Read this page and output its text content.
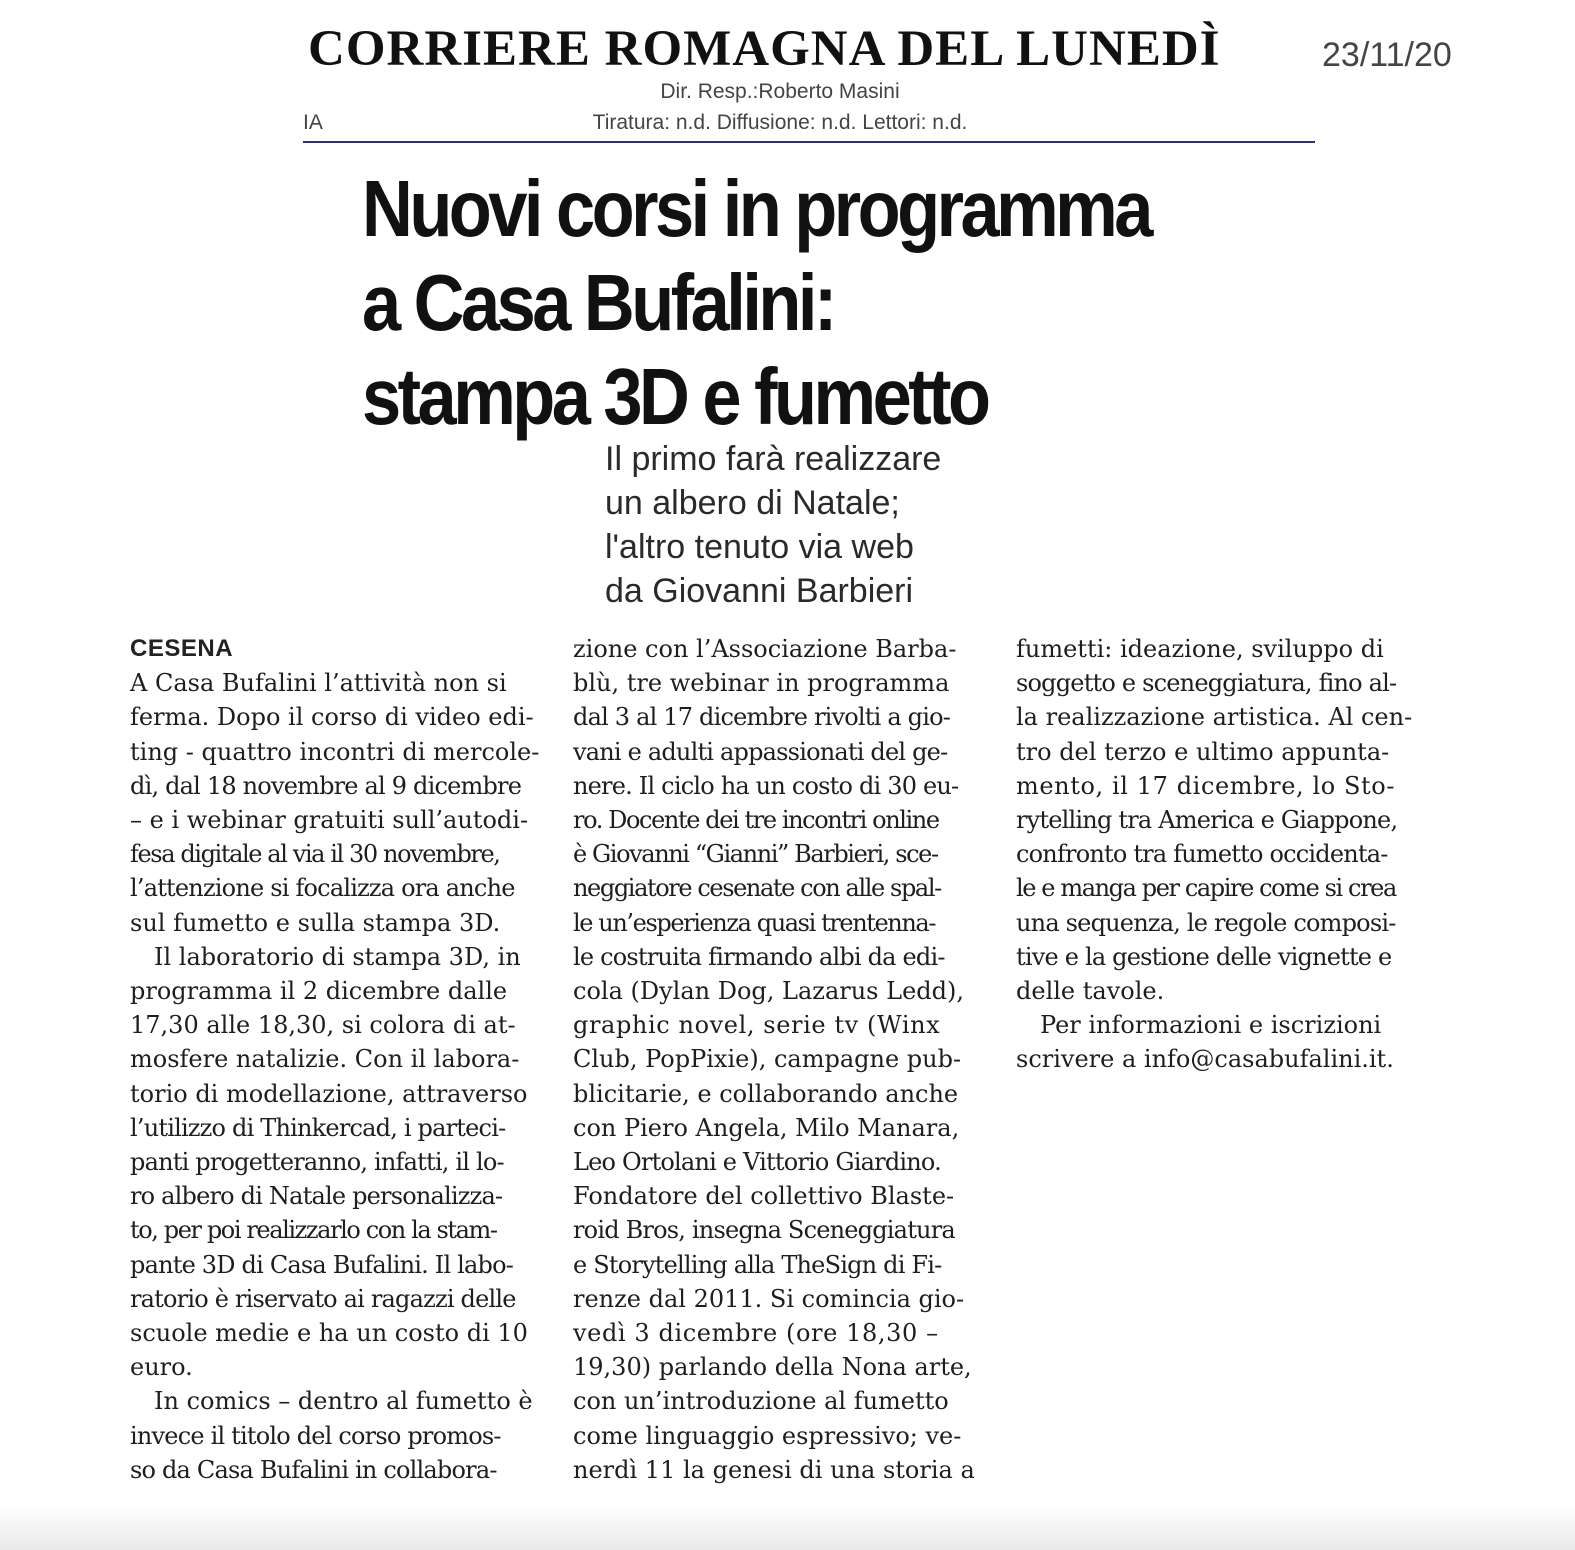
CORRIERE ROMAGNA DEL LUNEDÌ	23/11/20
Dir. Resp.:Roberto Masini
IA	Tiratura: n.d. Diffusione: n.d. Lettori: n.d.
Nuovi corsi in programma
a Casa Bufalini:
stampa 3D e fumetto
Il primo farà realizzare
un albero di Natale;
l'altro tenuto via web
da Giovanni Barbieri
CESENA
A Casa Bufalini l’attività non si
ferma. Dopo il corso di video edi-
ting - quattro incontri di mercole-
dì, dal 18 novembre al 9 dicembre
– e i webinar gratuiti sull’autodi-
fesa digitale al via il 30 novembre,
l’attenzione si focalizza ora anche
sul fumetto e sulla stampa 3D.
Il laboratorio di stampa 3D, in
programma il 2 dicembre dalle
17,30 alle 18,30, si colora di at-
mosfere natalizie. Con il labora-
torio di modellazione, attraverso
l’utilizzo di Thinkercad, i parteci-
panti progetteranno, infatti, il lo-
ro albero di Natale personalizza-
to, per poi realizzarlo con la stam-
pante 3D di Casa Bufalini. Il labo-
ratorio è riservato ai ragazzi delle
scuole medie e ha un costo di 10
euro.
In comics – dentro al fumetto è
invece il titolo del corso promos-
so da Casa Bufalini in collabora-
zione con l’Associazione Barba-
blù, tre webinar in programma
dal 3 al 17 dicembre rivolti a gio-
vani e adulti appassionati del ge-
nere. Il ciclo ha un costo di 30 eu-
ro. Docente dei tre incontri online
è Giovanni “Gianni” Barbieri, sce-
neggiatore cesenate con alle spal-
le un’esperienza quasi trentenna-
le costruita firmando albi da edi-
cola (Dylan Dog, Lazarus Ledd),
graphic novel, serie tv (Winx
Club, PopPixie), campagne pub-
blicitarie, e collaborando anche
con Piero Angela, Milo Manara,
Leo Ortolani e Vittorio Giardino.
Fondatore del collettivo Blaste-
roid Bros, insegna Sceneggiatura
e Storytelling alla TheSign di Fi-
renze dal 2011. Si comincia gio-
vedì 3 dicembre (ore 18,30 –
19,30) parlando della Nona arte,
con un’introduzione al fumetto
come linguaggio espressivo; ve-
nerdì 11 la genesi di una storia a
fumetti: ideazione, sviluppo di
soggetto e sceneggiatura, fino al-
la realizzazione artistica. Al cen-
tro del terzo e ultimo appunta-
mento, il 17 dicembre, lo Sto-
rytelling tra America e Giappone,
confronto tra fumetto occidenta-
le e manga per capire come si crea
una sequenza, le regole composi-
tive e la gestione delle vignette e
delle tavole.
Per informazioni e iscrizioni
scrivere a info@casabufalini.it.
